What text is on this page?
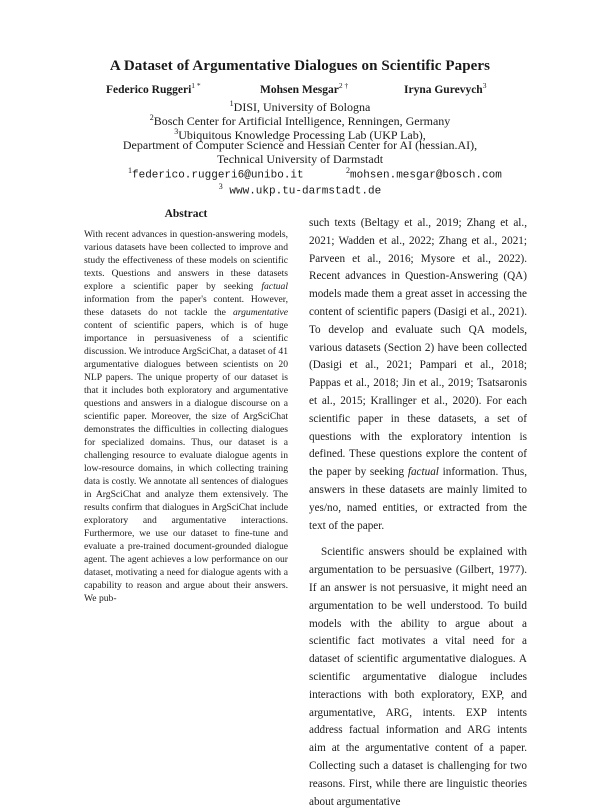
A Dataset of Argumentative Dialogues on Scientific Papers
Federico Ruggeri$^{1 *}$	Mohsen Mesgar$^{2 \dagger}$	Iryna Gurevych$^3$
$^1$DISI, University of Bologna
$^2$Bosch Center for Artificial Intelligence, Renningen, Germany
$^3$Ubiquitous Knowledge Processing Lab (UKP Lab),
Department of Computer Science and Hessian Center for AI (hessian.AI),
Technical University of Darmstadt
$^1$federico.ruggeri6@unibo.it	$^2$mohsen.mesgar@bosch.com
$^3$ www.ukp.tu-darmstadt.de
Abstract
With recent advances in question-answering models, various datasets have been collected to improve and study the effectiveness of these models on scientific texts. Questions and answers in these datasets explore a scientific paper by seeking factual information from the paper's content. However, these datasets do not tackle the argumentative content of scientific papers, which is of huge importance in persuasiveness of a scientific discussion. We introduce ArgSciChat, a dataset of 41 argumentative dialogues between scientists on 20 NLP papers. The unique property of our dataset is that it includes both exploratory and argumentative questions and answers in a dialogue discourse on a scientific paper. Moreover, the size of ArgSciChat demonstrates the difficulties in collecting dialogues for specialized domains. Thus, our dataset is a challenging resource to evaluate dialogue agents in low-resource domains, in which collecting training data is costly. We annotate all sentences of dialogues in ArgSciChat and analyze them extensively. The results confirm that dialogues in ArgSciChat include exploratory and argumentative interactions. Furthermore, we use our dataset to fine-tune and evaluate a pre-trained document-grounded dialogue agent. The agent achieves a low performance on our dataset, motivating a need for dialogue agents with a capability to reason and argue about their answers. We pub-

such texts (Beltagy et al., 2019; Zhang et al., 2021; Wadden et al., 2022; Zhang et al., 2021; Parveen et al., 2016; Mysore et al., 2022). Recent advances in Question-Answering (QA) models made them a great asset in accessing the content of scientific papers (Dasigi et al., 2021). To develop and evaluate such QA models, various datasets (Section 2) have been collected (Dasigi et al., 2021; Pampari et al., 2018; Pappas et al., 2018; Jin et al., 2019; Tsatsaronis et al., 2015; Krallinger et al., 2020). For each scientific paper in these datasets, a set of questions with the exploratory intention is defined. These questions explore the content of the paper by seeking factual information. Thus, answers in these datasets are mainly limited to yes/no, named entities, or extracted from the text of the paper.

Scientific answers should be explained with argumentation to be persuasive (Gilbert, 1977). If an answer is not persuasive, it might need an argumentation to be well understood. To build models with the ability to argue about a scientific fact motivates a vital need for a dataset of scientific argumentative dialogues. A scientific argumentative dialogue includes interactions with both exploratory, EXP, and argumentative, ARG, intents. EXP intents address factual information and ARG intents aim at the argumentative content of a paper. Collecting such a dataset is challenging for two reasons. First, while there are linguistic theories about argumentative
